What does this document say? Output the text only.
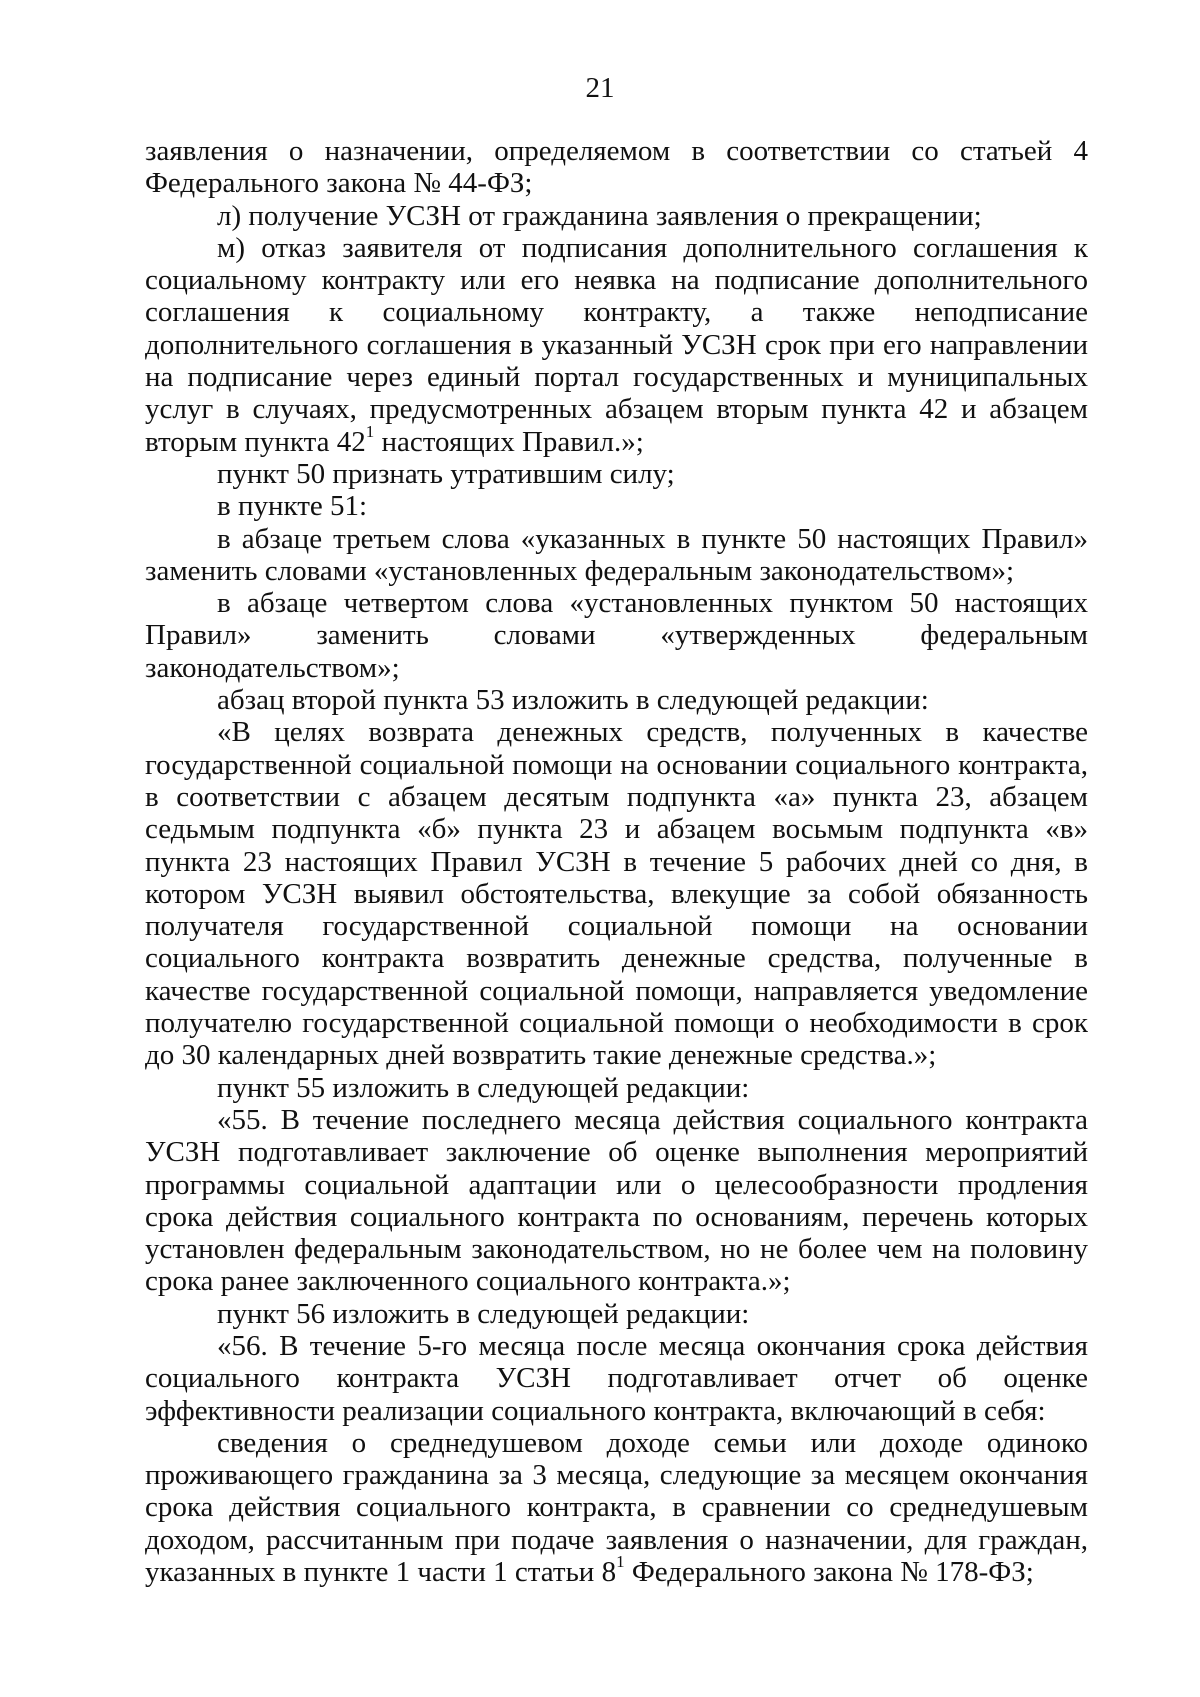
21

заявления о назначении, определяемом в соответствии со статьей 4 Федерального закона № 44-ФЗ;

л) получение УСЗН от гражданина заявления о прекращении;

м) отказ заявителя от подписания дополнительного соглашения к социальному контракту или его неявка на подписание дополнительного соглашения к социальному контракту, а также неподписание дополнительного соглашения в указанный УСЗН срок при его направлении на подписание через единый портал государственных и муниципальных услуг в случаях, предусмотренных абзацем вторым пункта 42 и абзацем вторым пункта $42^1$ настоящих Правил.»;

пункт 50 признать утратившим силу;

в пункте 51:

в абзаце третьем слова «указанных в пункте 50 настоящих Правил» заменить словами «установленных федеральным законодательством»;

в абзаце четвертом слова «установленных пунктом 50 настоящих Правил» заменить словами «утвержденных федеральным

законодательством»;

абзац второй пункта 53 изложить в следующей редакции:

«В целях возврата денежных средств, полученных в качестве государственной социальной помощи на основании социального контракта, в соответствии с абзацем десятым подпункта «а» пункта 23, абзацем седьмым подпункта «б» пункта 23 и абзацем восьмым подпункта «в» пункта 23 настоящих Правил УСЗН в течение 5 рабочих дней со дня, в котором УСЗН выявил обстоятельства, влекущие за собой обязанность получателя государственной социальной помощи на основании социального контракта возвратить денежные средства, полученные в качестве государственной социальной помощи, направляется уведомление получателю государственной социальной помощи о необходимости в срок до 30 календарных дней возвратить такие денежные средства.»;

пункт 55 изложить в следующей редакции:

«55. В течение последнего месяца действия социального контракта УСЗН подготавливает заключение об оценке выполнения мероприятий программы социальной адаптации или о целесообразности продления срока действия социального контракта по основаниям, перечень которых установлен федеральным законодательством, но не более чем на половину срока ранее заключенного социального контракта.»;

пункт 56 изложить в следующей редакции:

«56. В течение 5-го месяца после месяца окончания срока действия социального контракта УСЗН подготавливает отчет об оценке эффективности реализации социального контракта, включающий в себя:

сведения о среднедушевом доходе семьи или доходе одиноко проживающего гражданина за 3 месяца, следующие за месяцем окончания срока действия социального контракта, в сравнении со среднедушевым доходом, рассчитанным при подаче заявления о назначении, для граждан, указанных в пункте 1 части 1 статьи $8^1$ Федерального закона № 178-ФЗ;
